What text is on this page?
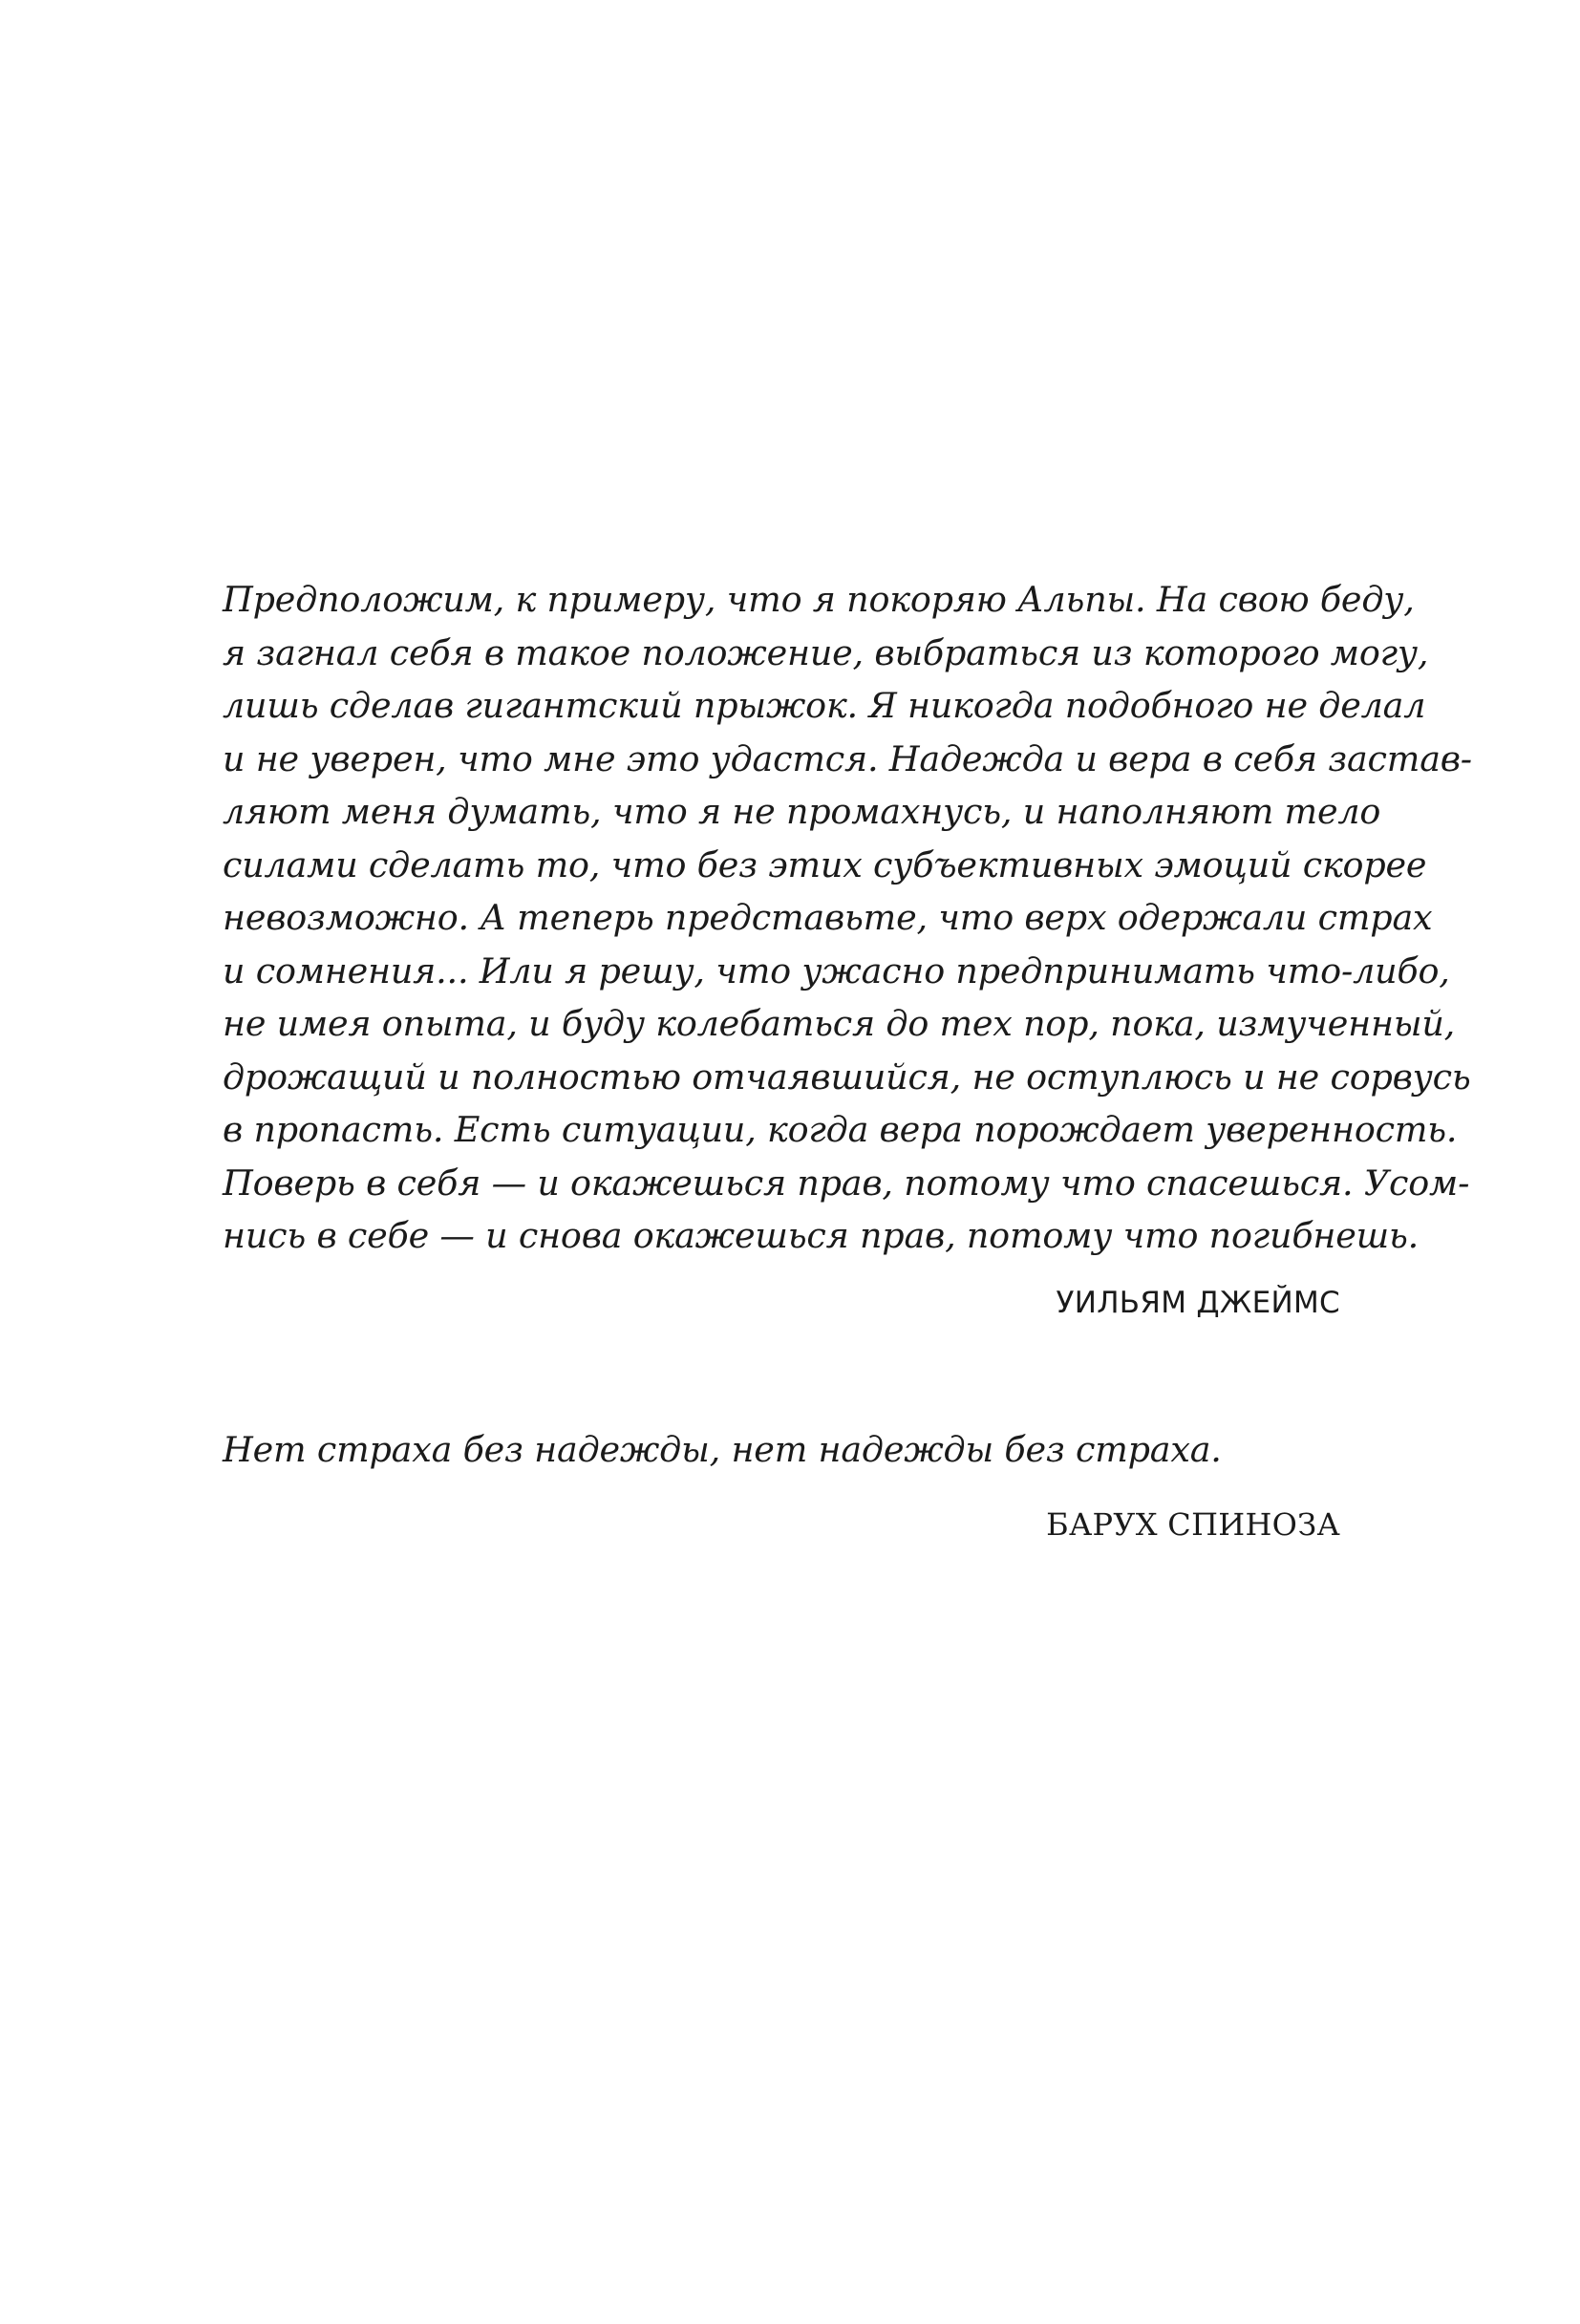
Предположим, к примеру, что я покоряю Альпы. На свою беду,
я загнал себя в такое положение, выбраться из которого могу,
лишь сделав гигантский прыжок. Я никогда подобного не делал
и не уверен, что мне это удастся. Надежда и вера в себя застав-
ляют меня думать, что я не промахнусь, и наполняют тело
силами сделать то, что без этих субъективных эмоций скорее
невозможно. А теперь представьте, что верх одержали страх
и сомнения... Или я решу, что ужасно предпринимать что-либо,
не имея опыта, и буду колебаться до тех пор, пока, измученный,
дрожащий и полностью отчаявшийся, не оступлюсь и не сорвусь
в пропасть. Есть ситуации, когда вера порождает уверенность.
Поверь в себя — и окажешься прав, потому что спасешься. Усом-
нись в себе — и снова окажешься прав, потому что погибнешь.
УИЛЬЯМ ДЖЕЙМС
Нет страха без надежды, нет надежды без страха.
БАРУХ СПИНОЗА
